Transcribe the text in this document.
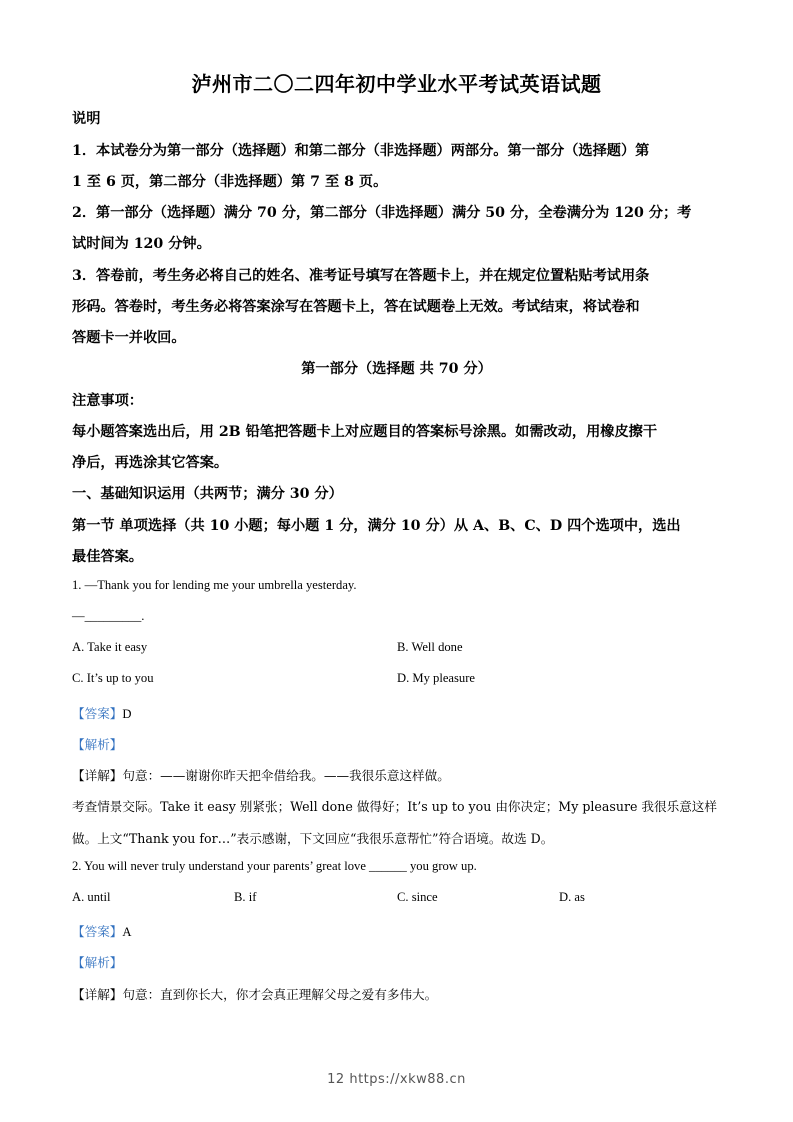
泸州市二〇二四年初中学业水平考试英语试题
说明
1．本试卷分为第一部分（选择题）和第二部分（非选择题）两部分。第一部分（选择题）第
1 至 6 页，第二部分（非选择题）第 7 至 8 页。
2．第一部分（选择题）满分 70 分，第二部分（非选择题）满分 50 分，全卷满分为 120 分；考
试时间为 120 分钟。
3．答卷前，考生务必将自己的姓名、准考证号填写在答题卡上，并在规定位置粘贴考试用条
形码。答卷时，考生务必将答案涂写在答题卡上，答在试题卷上无效。考试结束，将试卷和
答题卡一并收回。
第一部分（选择题 共 70 分）
注意事项：
每小题答案选出后，用 2B 铅笔把答题卡上对应题目的答案标号涂黑。如需改动，用橡皮擦干
净后，再选涂其它答案。
一、基础知识运用（共两节；满分 30 分）
第一节 单项选择（共 10 小题；每小题 1 分，满分 10 分）从 A、B、C、D 四个选项中，选出
最佳答案。
1. —Thank you for lending me your umbrella yesterday.
—_________.
A. Take it easy	B. Well done
C. It’s up to you	D. My pleasure
【答案】D
【解析】
【详解】句意：——谢谢你昨天把伞借给我。——我很乐意这样做。
考查情景交际。Take it easy 别紧张；Well done 做得好；It’s up to you 由你决定；My pleasure 我很乐意这样
做。上文“Thank you for…”表示感谢，下文回应“我很乐意帮忙”符合语境。故选 D。
2. You will never truly understand your parents’ great love ______ you grow up.
A. until	B. if	C. since	D. as
【答案】A
【解析】
【详解】句意：直到你长大，你才会真正理解父母之爱有多伟大。
12 https://xkw88.cn
